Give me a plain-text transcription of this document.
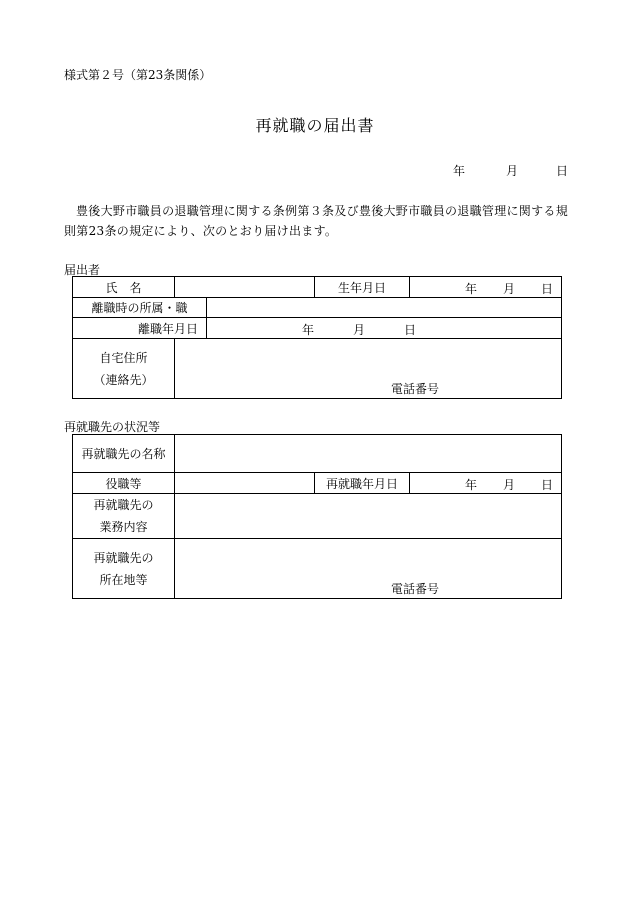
様式第２号（第23条関係）
再就職の届出書
年	月	日
豊後大野市職員の退職管理に関する条例第３条及び豊後大野市職員の退職管理に関する規則第23条の規定により、次のとおり届け出ます。
届出者
氏　名			生年月日	年 月 日

離職時の所属・職				
離職年月日		年 月 日		

自宅住所
（連絡先）	電話番号			
再就職先の状況等
再就職先の名称			
役職等		再就職年月日	年 月 日

再就職先の
業務内容			

再就職先の
所在地等	電話番号		
